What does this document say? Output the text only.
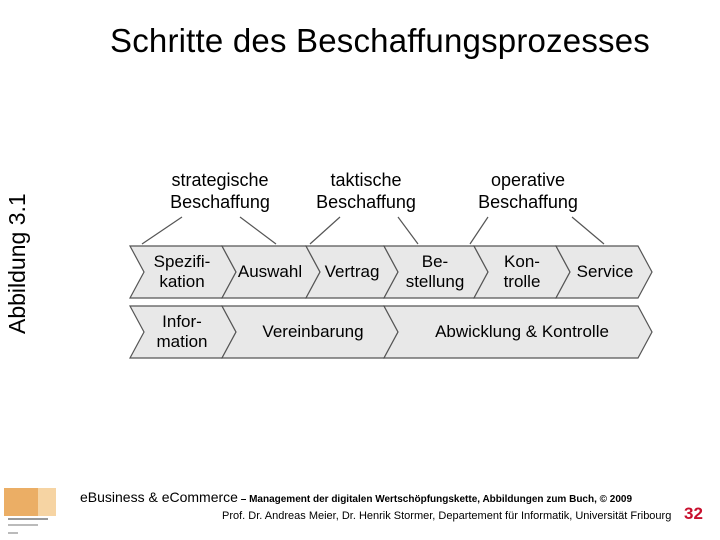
Schritte des Beschaffungsprozesses
Abbildung 3.1
strategische
Beschaffung
taktische
Beschaffung
operative
Beschaffung
Spezifi-
kation
Auswahl	Vertrag
Be-
stellung
Kon-
trolle
Service
Infor-
mation
Vereinbarung	Abwicklung & Kontrolle
eBusiness & eCommerce – Management der digitalen Wertschöpfungskette, Abbildungen zum Buch, © 2009
Prof. Dr. Andreas Meier, Dr. Henrik Stormer, Departement für Informatik, Universität Fribourg 32
